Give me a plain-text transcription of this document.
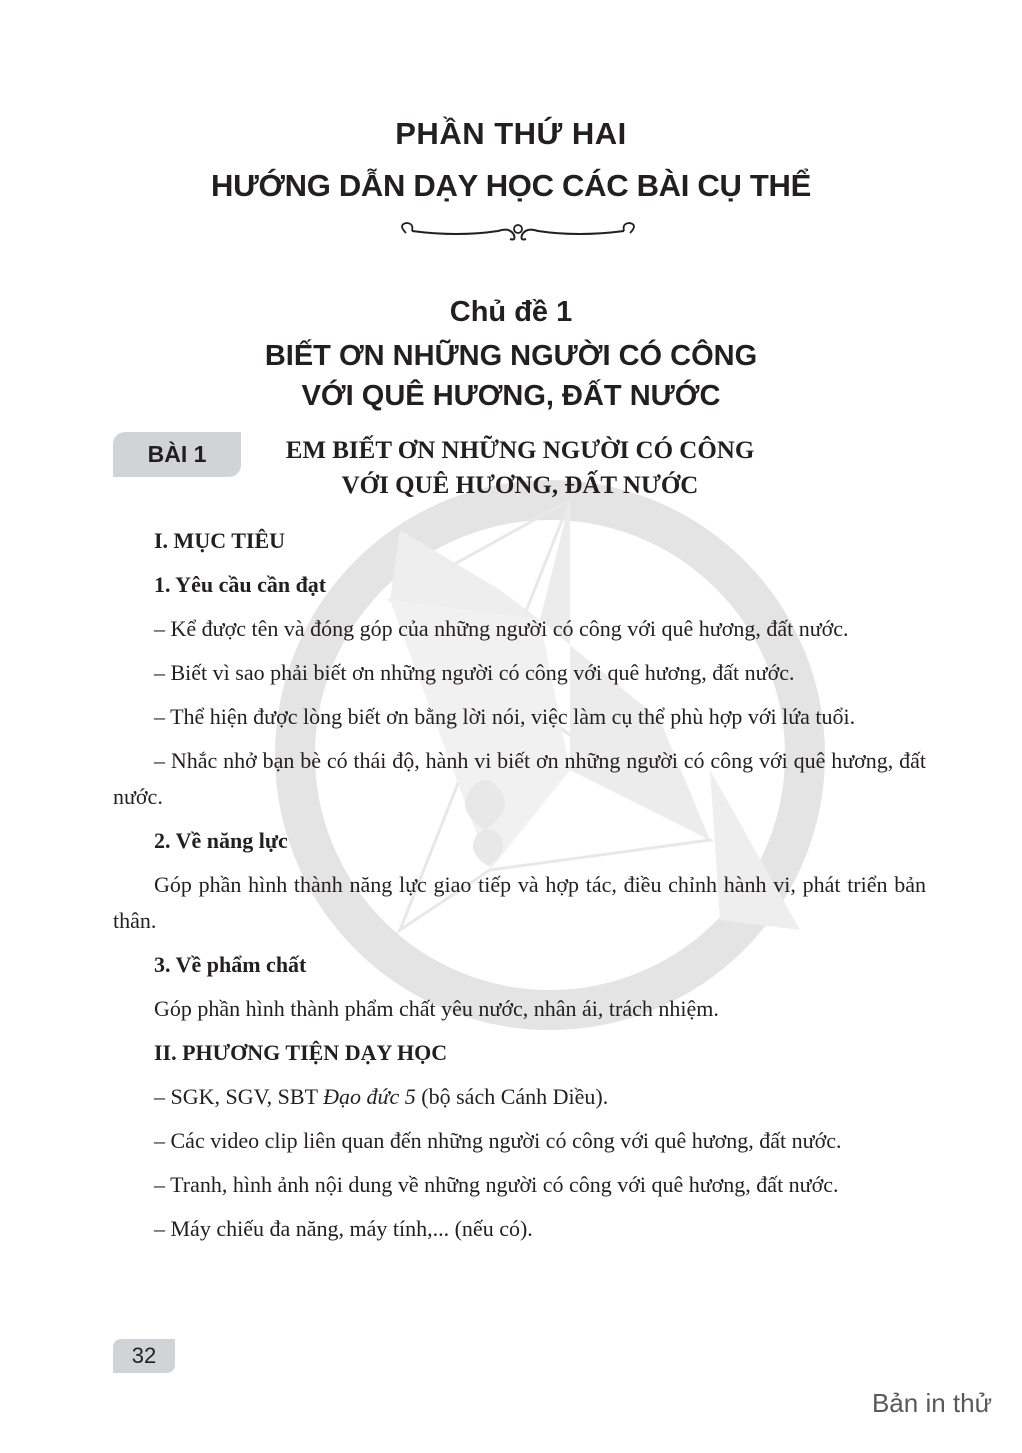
PHẦN THỨ HAI
HƯỚNG DẪN DẠY HỌC CÁC BÀI CỤ THỂ
Chủ đề 1
BIẾT ƠN NHỮNG NGƯỜI CÓ CÔNG
VỚI QUÊ HƯƠNG, ĐẤT NƯỚC
BÀI 1	EM BIẾT ƠN NHỮNG NGƯỜI CÓ CÔNG
VỚI QUÊ HƯƠNG, ĐẤT NƯỚC

I. MỤC TIÊU

1. Yêu cầu cần đạt

– Kể được tên và đóng góp của những người có công với quê hương, đất nước.

– Biết vì sao phải biết ơn những người có công với quê hương, đất nước.

– Thể hiện được lòng biết ơn bằng lời nói, việc làm cụ thể phù hợp với lứa tuổi.

– Nhắc nhở bạn bè có thái độ, hành vi biết ơn những người có công với quê hương, đất nước.

2. Về năng lực

Góp phần hình thành năng lực giao tiếp và hợp tác, điều chỉnh hành vi, phát triển bản thân.

3. Về phẩm chất

Góp phần hình thành phẩm chất yêu nước, nhân ái, trách nhiệm.

II. PHƯƠNG TIỆN DẠY HỌC

– SGK, SGV, SBT Đạo đức 5 (bộ sách Cánh Diều).

– Các video clip liên quan đến những người có công với quê hương, đất nước.

– Tranh, hình ảnh nội dung về những người có công với quê hương, đất nước.

– Máy chiếu đa năng, máy tính,... (nếu có).

32
Bản in thử
